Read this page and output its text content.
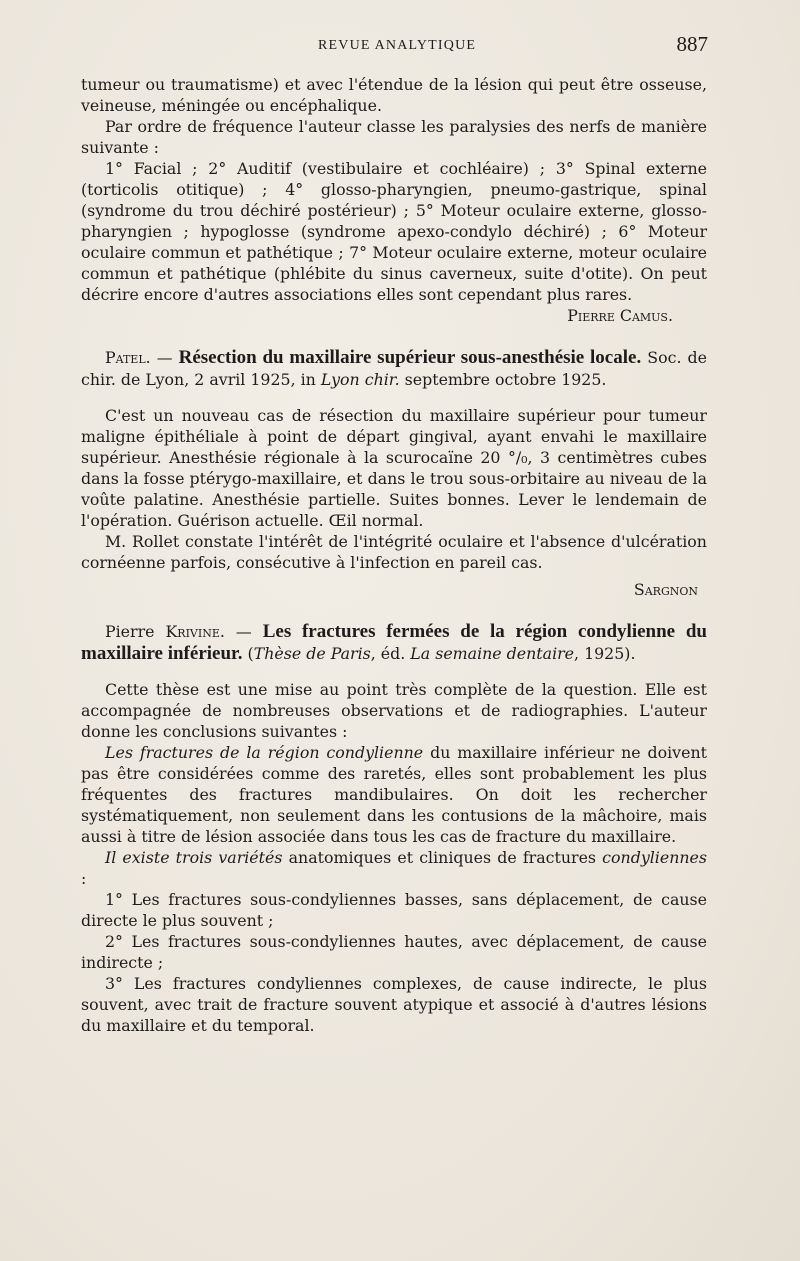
REVUE ANALYTIQUE	887

tumeur ou traumatisme) et avec l'étendue de la lésion qui peut être osseuse, veineuse, méningée ou encéphalique.

Par ordre de fréquence l'auteur classe les paralysies des nerfs de manière suivante :

1° Facial ; 2° Auditif (vestibulaire et cochléaire) ; 3° Spinal externe (torticolis otitique) ; 4° glosso-pharyngien, pneumo-gastrique, spinal (syndrome du trou déchiré postérieur) ; 5° Moteur oculaire externe, glosso-pharyngien ; hypoglosse (syndrome apexo-condylo déchiré) ; 6° Moteur oculaire commun et pathétique ; 7° Moteur oculaire externe, moteur oculaire commun et pathétique (phlébite du sinus caverneux, suite d'otite). On peut décrire encore d'autres associations elles sont cependant plus rares.

Pierre Camus.

Patel. — Résection du maxillaire supérieur sous-anesthésie locale. Soc. de chir. de Lyon, 2 avril 1925, in Lyon chir. septembre octobre 1925.

C'est un nouveau cas de résection du maxillaire supérieur pour tumeur maligne épithéliale à point de départ gingival, ayant envahi le maxillaire supérieur. Anesthésie régionale à la scurocaïne 20 °/₀, 3 centimètres cubes dans la fosse ptérygo-maxillaire, et dans le trou sous-orbitaire au niveau de la voûte palatine. Anesthésie partielle. Suites bonnes. Lever le lendemain de l'opération. Guérison actuelle. Œil normal.

M. Rollet constate l'intérêt de l'intégrité oculaire et l'absence d'ulcération cornéenne parfois, consécutive à l'infection en pareil cas.

Sargnon

Pierre Krivine. — Les fractures fermées de la région condylienne du maxillaire inférieur. (Thèse de Paris, éd. La semaine dentaire, 1925).

Cette thèse est une mise au point très complète de la question. Elle est accompagnée de nombreuses observations et de radiographies. L'auteur donne les conclusions suivantes :

Les fractures de la région condylienne du maxillaire inférieur ne doivent pas être considérées comme des raretés, elles sont probablement les plus fréquentes des fractures mandibulaires. On doit les rechercher systématiquement, non seulement dans les contusions de la mâchoire, mais aussi à titre de lésion associée dans tous les cas de fracture du maxillaire.

Il existe trois variétés anatomiques et cliniques de fractures condyliennes :

1° Les fractures sous-condyliennes basses, sans déplacement, de cause directe le plus souvent ;

2° Les fractures sous-condyliennes hautes, avec déplacement, de cause indirecte ;

3° Les fractures condyliennes complexes, de cause indirecte, le plus souvent, avec trait de fracture souvent atypique et associé à d'autres lésions du maxillaire et du temporal.
